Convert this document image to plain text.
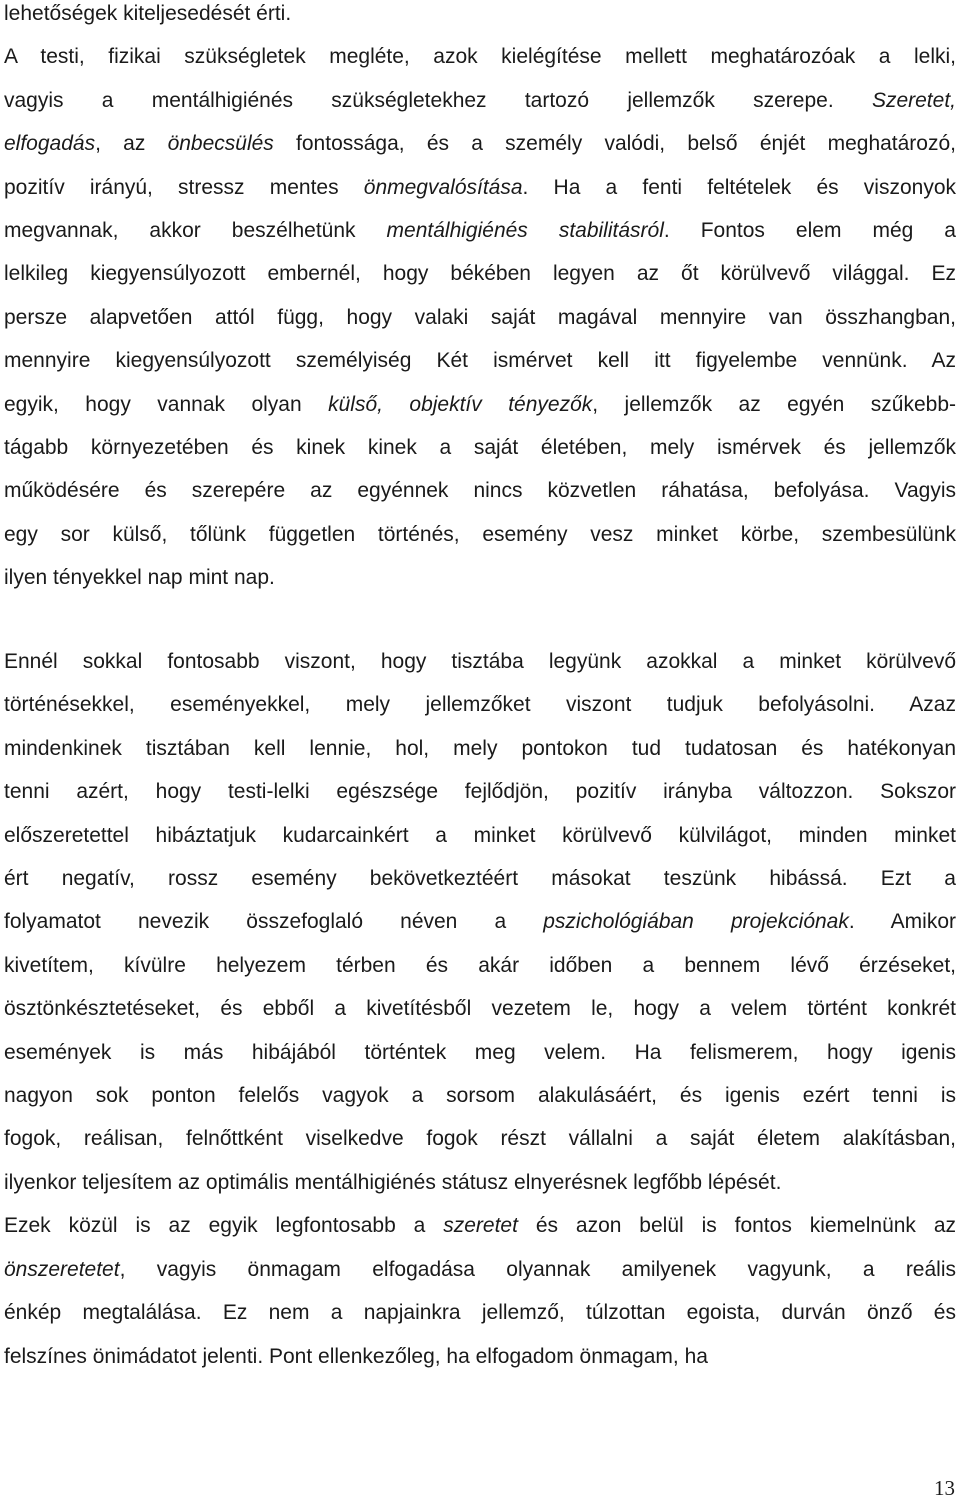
lehetőségek kiteljesedését érti.
A testi, fizikai szükségletek megléte, azok kielégítése mellett meghatározóak a lelki,
vagyis a mentálhigiénés szükségletekhez tartozó jellemzők szerepe. Szeretet,
elfogadás, az önbecsülés fontossága, és a személy valódi, belső énjét meghatározó,
pozitív irányú, stressz mentes önmegvalósítása. Ha a fenti feltételek és viszonyok
megvannak, akkor beszélhetünk mentálhigiénés stabilitásról. Fontos elem még a
lelkileg kiegyensúlyozott embernél, hogy békében legyen az őt körülvevő világgal. Ez
persze alapvetően attól függ, hogy valaki saját magával mennyire van összhangban,
mennyire kiegyensúlyozott személyiség Két ismérvet kell itt figyelembe vennünk. Az
egyik, hogy vannak olyan külső, objektív tényezők, jellemzők az egyén szűkebb-
tágabb környezetében és kinek kinek a saját életében, mely ismérvek és jellemzők
működésére és szerepére az egyénnek nincs közvetlen ráhatása, befolyása. Vagyis
egy sor külső, tőlünk független történés, esemény vesz minket körbe, szembesülünk
ilyen tényekkel nap mint nap.
Ennél sokkal fontosabb viszont, hogy tisztába legyünk azokkal a minket körülvevő
történésekkel, eseményekkel, mely jellemzőket viszont tudjuk befolyásolni. Azaz
mindenkinek tisztában kell lennie, hol, mely pontokon tud tudatosan és hatékonyan
tenni azért, hogy testi-lelki egészsége fejlődjön, pozitív irányba változzon. Sokszor
előszeretettel hibáztatjuk kudarcainkért a minket körülvevő külvilágot, minden minket
ért negatív, rossz esemény bekövetkeztéért másokat teszünk hibássá. Ezt a
folyamatot nevezik összefoglaló néven a pszichológiában projekciónak. Amikor
kivetítem, kívülre helyezem térben és akár időben a bennem lévő érzéseket,
ösztönkésztetéseket, és ebből a kivetítésből vezetem le, hogy a velem történt konkrét
események is más hibájából történtek meg velem. Ha felismerem, hogy igenis
nagyon sok ponton felelős vagyok a sorsom alakulásáért, és igenis ezért tenni is
fogok, reálisan, felnőttként viselkedve fogok részt vállalni a saját életem alakításban,
ilyenkor teljesítem az optimális mentálhigiénés státusz elnyerésnek legfőbb lépését.
Ezek közül is az egyik legfontosabb a szeretet és azon belül is fontos kiemelnünk az
önszeretetet, vagyis önmagam elfogadása olyannak amilyenek vagyunk, a reális
énkép megtalálása. Ez nem a napjainkra jellemző, túlzottan egoista, durván önző és
felszínes önimádatot jelenti. Pont ellenkezőleg, ha elfogadom önmagam, ha
13
